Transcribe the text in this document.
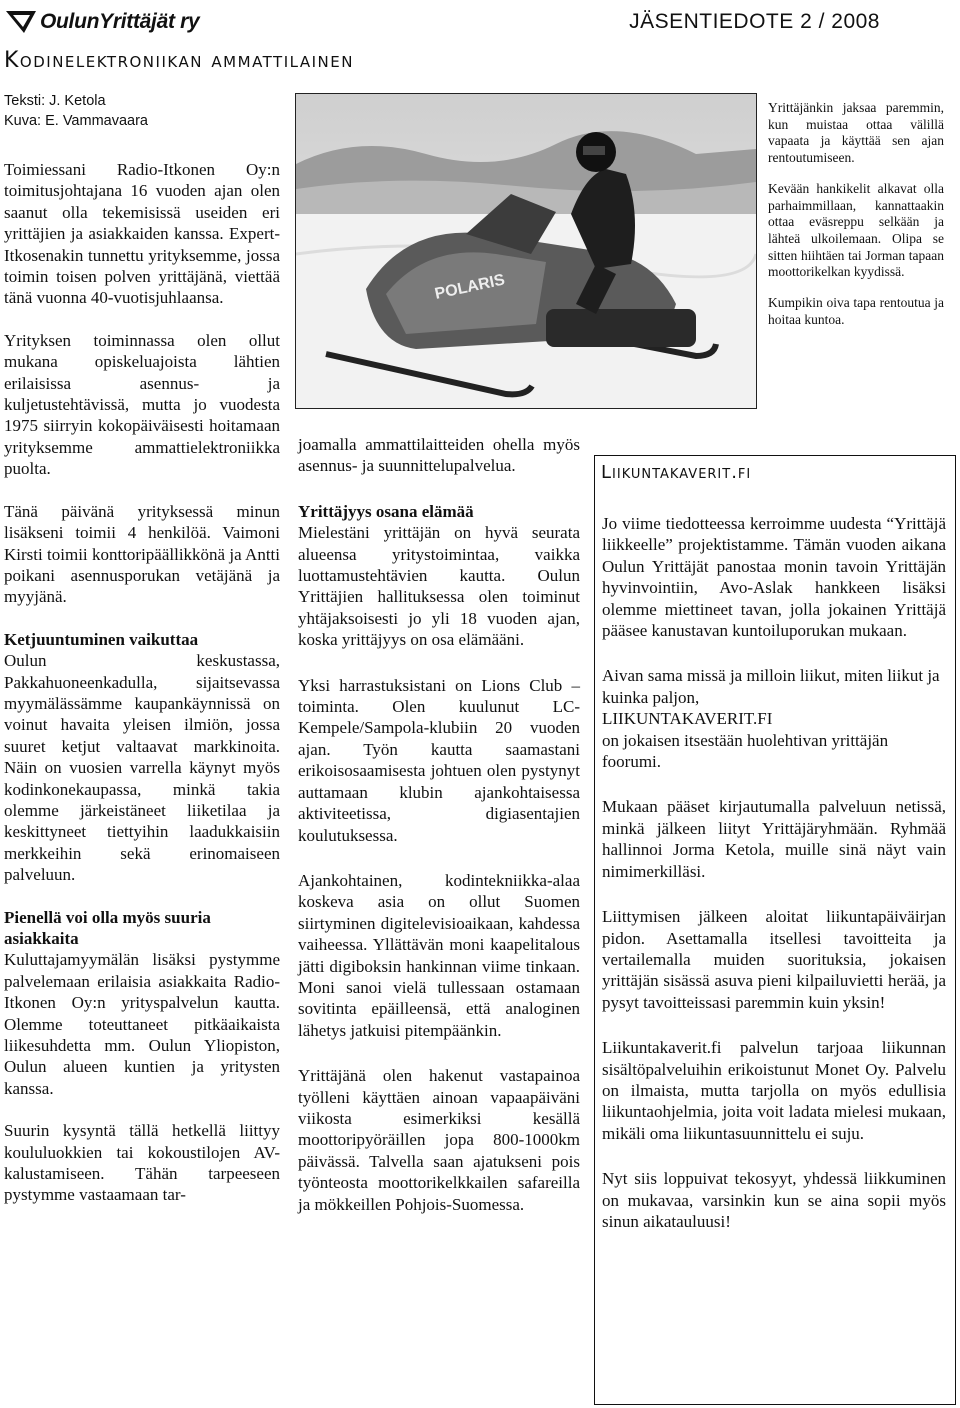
OulunYrittäjät ry	JÄSENTIEDOTE 2 / 2008
Kodinelektroniikan ammattilainen

Teksti: J. Ketola

Kuva: E. Vammavaara

Toimiessani Radio-Itkonen Oy:n toimitusjohtajana 16 vuoden ajan olen saanut olla tekemisissä useiden eri yrittäjien ja asiakkaiden kanssa. Expert-Itkosenakin tunnettu yrityksemme, jossa toimin toisen polven yrittäjänä, viettää tänä vuonna 40-vuotisjuhlaansa.

Yrityksen toiminnassa olen ollut mukana opiskeluajoista lähtien erilaisissa asennus- ja kuljetustehtävissä, mutta jo vuodesta 1975 siirryin kokopäiväisesti hoitamaan yrityksemme ammattielektroniikka puolta.

Tänä päivänä yrityksessä minun lisäkseni toimii 4 henkilöä. Vaimoni Kirsti toimii konttoripäällikkönä ja Antti poikani asennusporukan vetäjänä ja myyjänä.

Ketjuuntuminen vaikuttaa

Oulun keskustassa, Pakkahuoneenkadulla, sijaitsevassa myymälässämme kaupankäynnissä on voinut havaita yleisen ilmiön, jossa suuret ketjut valtaavat markkinoita. Näin on vuosien varrella käynyt myös kodinkonekaupassa, minkä takia olemme järkeistäneet liiketilaa ja keskittyneet tiettyihin laadukkaisiin merkkeihin sekä erinomaiseen palveluun.

Pienellä voi olla myös suuria asiakkaita

Kuluttajamyymälän lisäksi pystymme palvelemaan erilaisia asiakkaita Radio-Itkonen Oy:n yrityspalvelun kautta. Olemme toteuttaneet pitkäaikaista liikesuhdetta mm. Oulun Yliopiston, Oulun alueen kuntien ja yritysten kanssa.

Suurin kysyntä tällä hetkellä liittyy koululuokkien tai kokoustilojen AV-kalustamiseen. Tähän tarpeeseen pystymme vastaamaan tar-

POLARIS

Yrittäjänkin jaksaa paremmin, kun muistaa ottaa välillä vapaata ja käyttää sen ajan rentoutumiseen.

Kevään hankikelit alkavat olla parhaimmillaan, kannattaakin ottaa eväsreppu selkään ja lähteä ulkoilemaan. Olipa se sitten hiihtäen tai Jorman tapaan moottorikelkan kyydissä.

Kumpikin oiva tapa rentoutua ja hoitaa kuntoa.

joamalla ammattilaitteiden ohella myös asennus- ja suunnittelupalvelua.

Yrittäjyys osana elämää

Mielestäni yrittäjän on hyvä seurata alueensa yritystoimintaa, vaikka luottamustehtävien kautta. Oulun Yrittäjien hallituksessa olen toiminut yhtäjaksoisesti jo yli 18 vuoden ajan, koska yrittäjyys on osa elämääni.

Yksi harrastuksistani on Lions Club –toiminta. Olen kuulunut LC-Kempele/Sampola-klubiin 20 vuoden ajan. Työn kautta saamastani erikoisosaamisesta johtuen olen pystynyt auttamaan klubin ajankohtaisessa aktiviteetissa, digiasentajien koulutuksessa.

Ajankohtainen, kodintekniikka-alaa koskeva asia on ollut Suomen siirtyminen digitelevisioaikaan, kahdessa vaiheessa. Yllättävän moni kaapelitalous jätti digiboksin hankinnan viime tinkaan. Moni sanoi vielä tullessaan ostamaan sovitinta epäilleensä, että analoginen lähetys jatkuisi pitempäänkin.

Yrittäjänä olen hakenut vastapainoa työlleni käyttäen ainoan vapaapäiväni viikosta esimerkiksi kesällä moottoripyöräillen jopa 800-1000km päivässä. Talvella saan ajatukseni pois työnteosta moottorikelkkailen safareilla ja mökkeillen Pohjois-Suomessa.

Liikuntakaverit.fi

Jo viime tiedotteessa kerroimme uudesta “Yrittäjä liikkeelle” projektistamme. Tämän vuoden aikana Oulun Yrittäjät panostaa monin tavoin Yrittäjän hyvinvointiin, Avo-Aslak hankkeen lisäksi olemme miettineet tavan, jolla jokainen Yrittäjä pääsee kanustavan kuntoiluporukan mukaan.

Aivan sama missä ja milloin liikut, miten liikut ja kuinka paljon,

LIIKUNTAKAVERIT.FI

on jokaisen itsestään huolehtivan yrittäjän foorumi.

Mukaan pääset kirjautumalla palveluun netissä, minkä jälkeen liityt Yrittäjäryhmään. Ryhmää hallinnoi Jorma Ketola, muille sinä näyt vain nimimerkilläsi.

Liittymisen jälkeen aloitat liikuntapäiväirjan pidon. Asettamalla itsellesi tavoitteita ja vertailemalla muiden suorituksia, jokaisen yrittäjän sisässä asuva pieni kilpailuvietti herää, ja pysyt tavoitteissasi paremmin kuin yksin!

Liikuntakaverit.fi palvelun tarjoaa liikunnan sisältöpalveluihin erikoistunut Monet Oy. Palvelu on ilmaista, mutta tarjolla on myös edullisia liikuntaohjelmia, joita voit ladata mielesi mukaan, mikäli oma liikuntasuunnittelu ei suju.

Nyt siis loppuivat tekosyyt, yhdessä liikkuminen on mukavaa, varsinkin kun se aina sopii myös sinun aikatauluusi!
